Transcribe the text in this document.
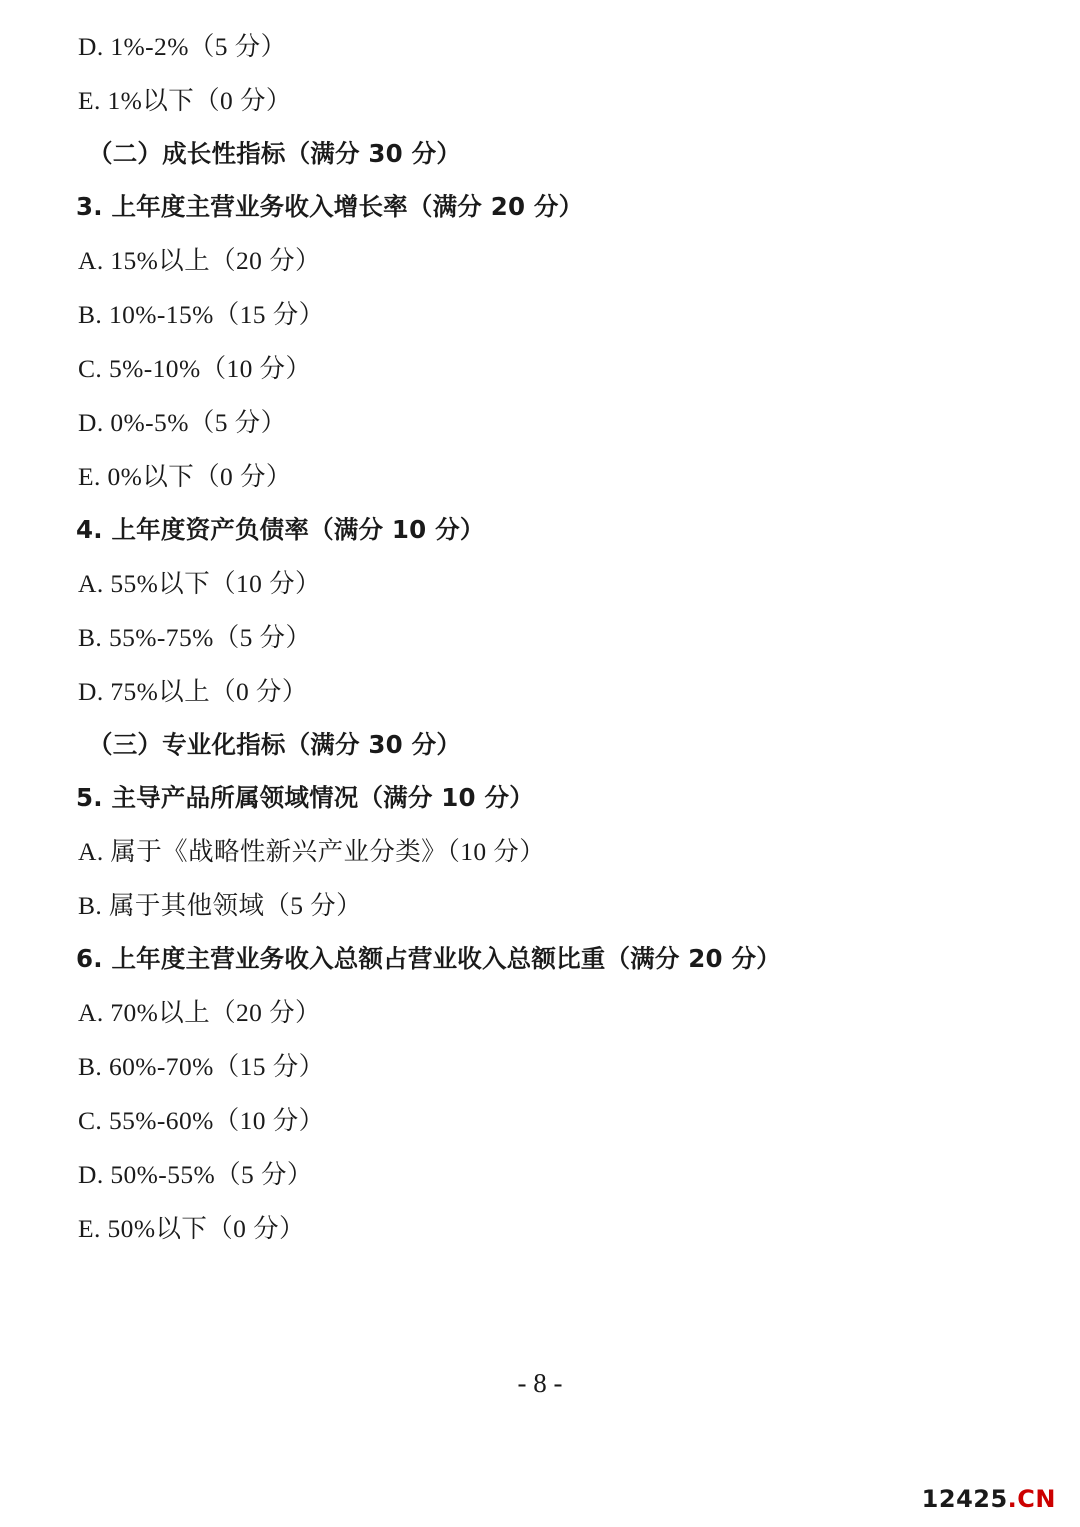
D. 1%-2%（5 分）

E. 1%以下（0 分）

（二）成长性指标（满分 30 分）

3. 上年度主营业务收入增长率（满分 20 分）

A. 15%以上（20 分）

B. 10%-15%（15 分）

C. 5%-10%（10 分）

D. 0%-5%（5 分）

E. 0%以下（0 分）

4. 上年度资产负债率（满分 10 分）

A. 55%以下（10 分）

B. 55%-75%（5 分）

D. 75%以上（0 分）

（三）专业化指标（满分 30 分）

5. 主导产品所属领域情况（满分 10 分）

A. 属于《战略性新兴产业分类》（10 分）

B. 属于其他领域（5 分）

6. 上年度主营业务收入总额占营业收入总额比重（满分 20 分）

A. 70%以上（20 分）

B. 60%-70%（15 分）

C. 55%-60%（10 分）

D. 50%-55%（5 分）

E. 50%以下（0 分）

- 8 -
12425.CN
